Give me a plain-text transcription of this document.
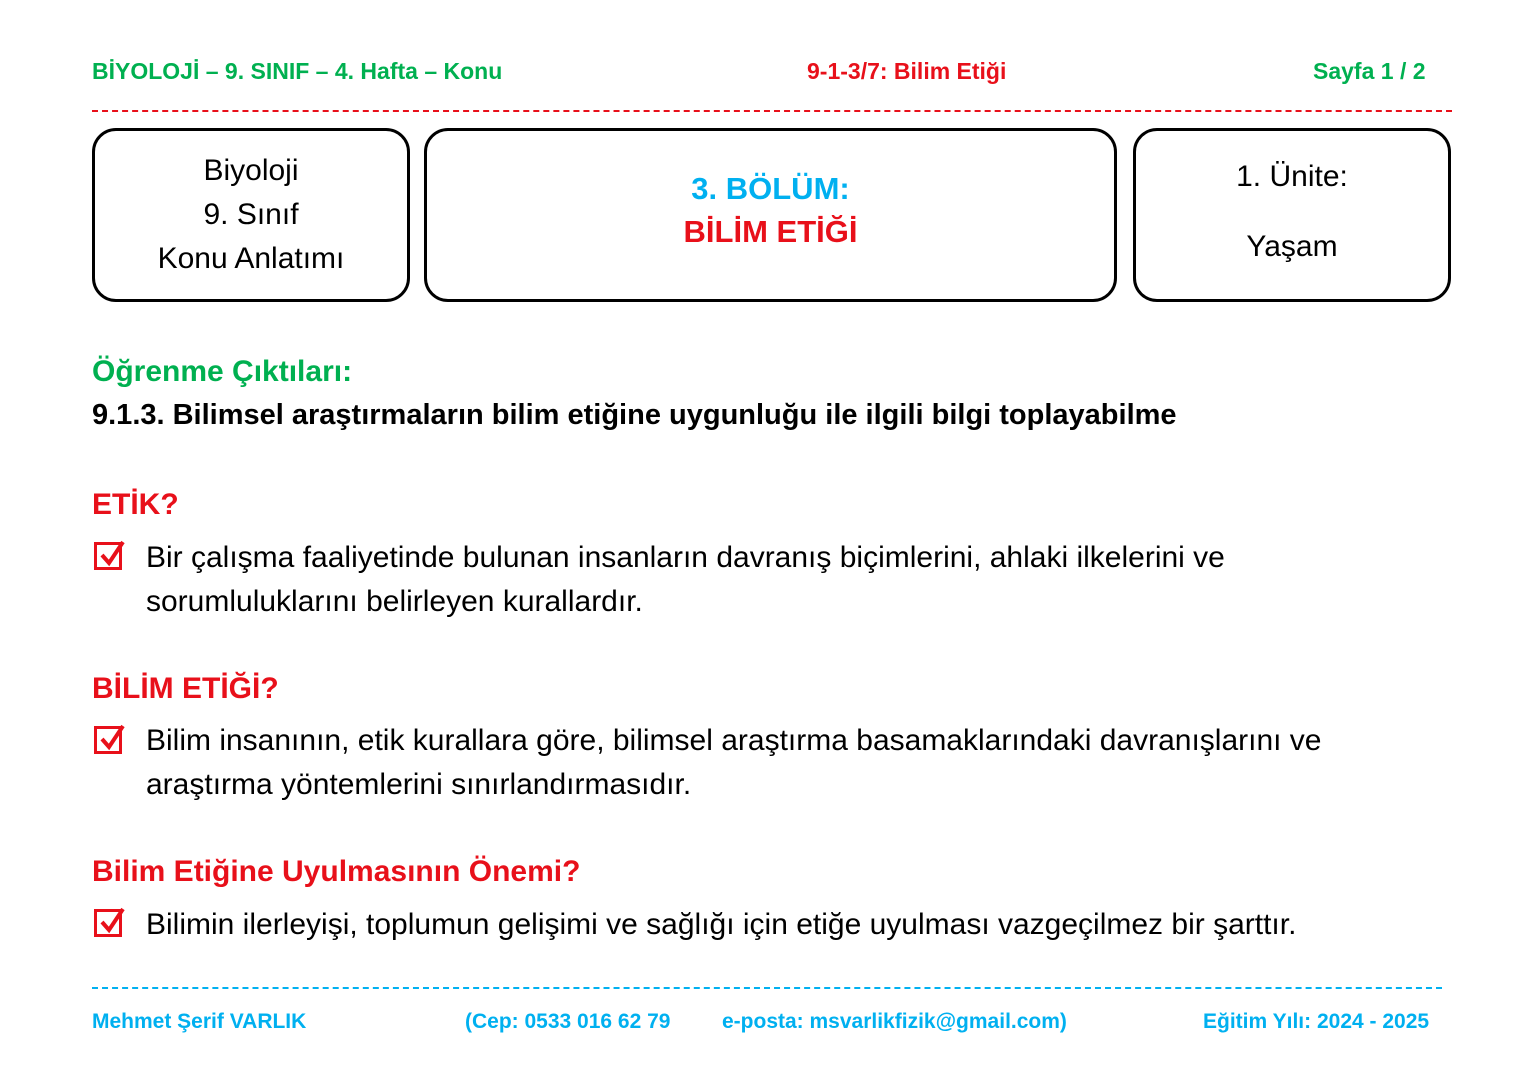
BİYOLOJİ – 9. SINIF – 4. Hafta – Konu	9-1-3/7: Bilim Etiği	Sayfa 1 / 2
Biyoloji
9. Sınıf
Konu Anlatımı
3. BÖLÜM:
BİLİM ETİĞİ
1. Ünite:
Yaşam
Öğrenme Çıktıları:
9.1.3. Bilimsel araştırmaların bilim etiğine uygunluğu ile ilgili bilgi toplayabilme
ETİK?
Bir çalışma faaliyetinde bulunan insanların davranış biçimlerini, ahlaki ilkelerini ve
sorumluluklarını belirleyen kurallardır.
BİLİM ETİĞİ?
Bilim insanının, etik kurallara göre, bilimsel araştırma basamaklarındaki davranışlarını ve
araştırma yöntemlerini sınırlandırmasıdır.
Bilim Etiğine Uyulmasının Önemi?
Bilimin ilerleyişi, toplumun gelişimi ve sağlığı için etiğe uyulması vazgeçilmez bir şarttır.
Mehmet Şerif VARLIK	(Cep: 0533 016 62 79 e-posta: msvarlikfizik@gmail.com)	Eğitim Yılı: 2024 - 2025
